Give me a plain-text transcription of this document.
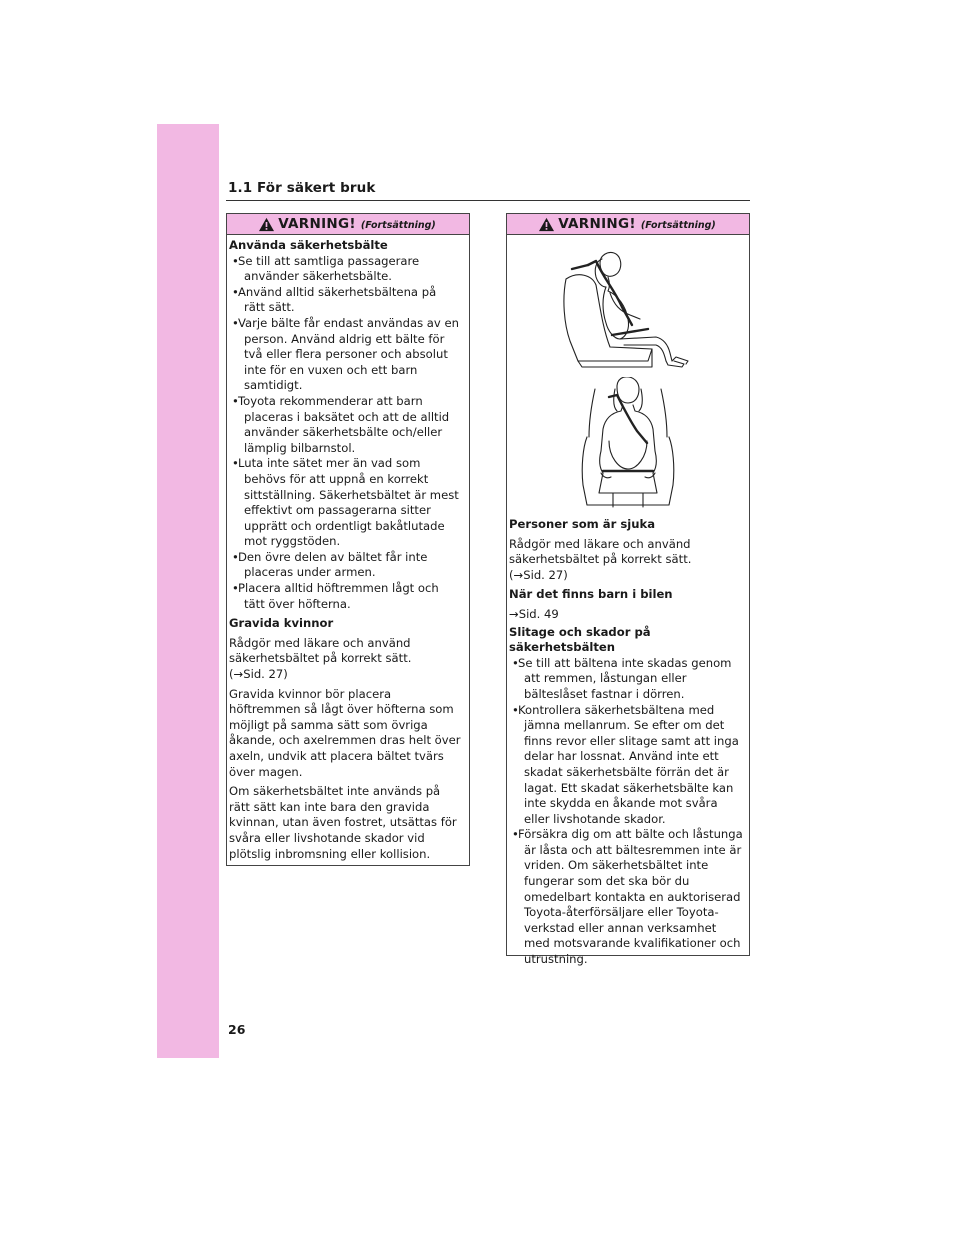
1.1 För säkert bruk
VARNING! (Fortsättning)
Använda säkerhetsbälte
• Se till att samtliga passagerare
använder säkerhetsbälte.
• Använd alltid säkerhetsbältena på
rätt sätt.
• Varje bälte får endast användas av en
person. Använd aldrig ett bälte för två eller flera personer och absolut inte för en vuxen och ett barn samtidigt.
• Toyota rekommenderar att barn
placeras i baksätet och att de alltid använder säkerhetsbälte och/eller lämplig bilbarnstol.
• Luta inte sätet mer än vad som
behövs för att uppnå en korrekt sittställning. Säkerhetsbältet är mest effektivt om passagerarna sitter upprätt och ordentligt bakåtlutade mot ryggstöden.
• Den övre delen av bältet får inte
placeras under armen.
• Placera alltid höftremmen lågt och
tätt över höfterna.
Gravida kvinnor
Rådgör med läkare och använd säkerhetsbältet på korrekt sätt.
(→Sid. 27)
Gravida kvinnor bör placera höftremmen så lågt över höfterna som möjligt på samma sätt som övriga åkande, och axelremmen dras helt över axeln, undvik att placera bältet tvärs över magen.
Om säkerhetsbältet inte används på rätt sätt kan inte bara den gravida kvinnan, utan även fostret, utsättas för svåra eller livshotande skador vid plötslig inbromsning eller kollision.
VARNING! (Fortsättning)
Personer som är sjuka
Rådgör med läkare och använd säkerhetsbältet på korrekt sätt.
(→Sid. 27)
När det finns barn i bilen
→Sid. 49
Slitage och skador på säkerhetsbälten
• Se till att bältena inte skadas genom
att remmen, låstungan eller bälteslåset fastnar i dörren.
• Kontrollera säkerhetsbältena med
jämna mellanrum. Se efter om det finns revor eller slitage samt att inga delar har lossnat. Använd inte ett skadat säkerhetsbälte förrän det är lagat. Ett skadat säkerhetsbälte kan inte skydda en åkande mot svåra eller livshotande skador.
• Försäkra dig om att bälte och låstunga
är låsta och att bältesremmen inte är vriden. Om säkerhetsbältet inte fungerar som det ska bör du omedelbart kontakta en auktoriserad Toyota-återförsäljare eller Toyota-verkstad eller annan verksamhet med motsvarande kvalifikationer och utrustning.
26
